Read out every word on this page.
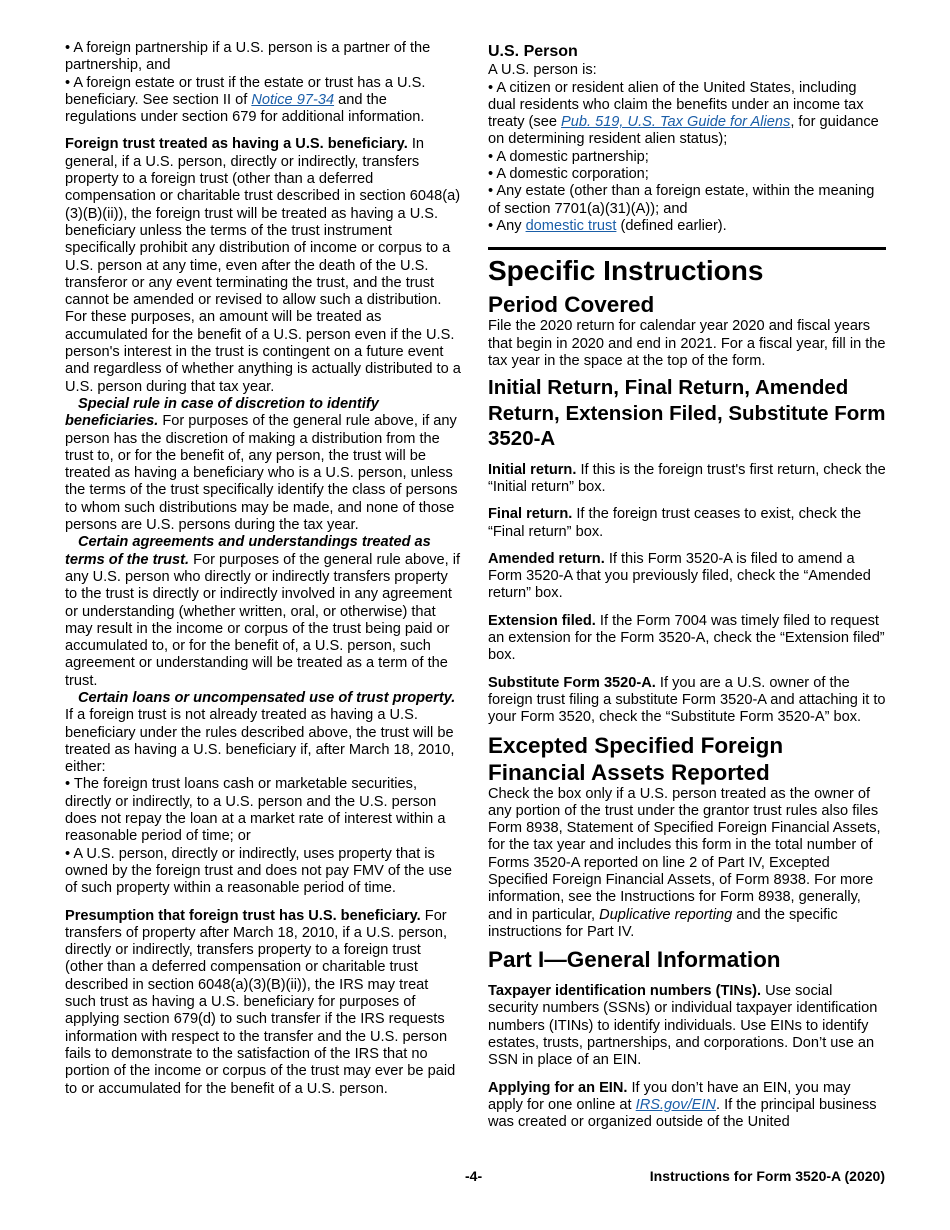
• A foreign partnership if a U.S. person is a partner of the partnership, and

• A foreign estate or trust if the estate or trust has a U.S. beneficiary. See section II of Notice 97-34 and the regulations under section 679 for additional information.

Foreign trust treated as having a U.S. beneficiary. In general, if a U.S. person, directly or indirectly, transfers property to a foreign trust (other than a deferred compensation or charitable trust described in section 6048(a)(3)(B)(ii)), the foreign trust will be treated as having a U.S. beneficiary unless the terms of the trust instrument specifically prohibit any distribution of income or corpus to a U.S. person at any time, even after the death of the U.S. transferor or any event terminating the trust, and the trust cannot be amended or revised to allow such a distribution. For these purposes, an amount will be treated as accumulated for the benefit of a U.S. person even if the U.S. person's interest in the trust is contingent on a future event and regardless of whether anything is actually distributed to a U.S. person during that tax year.

Special rule in case of discretion to identify beneficiaries. For purposes of the general rule above, if any person has the discretion of making a distribution from the trust to, or for the benefit of, any person, the trust will be treated as having a beneficiary who is a U.S. person, unless the terms of the trust specifically identify the class of persons to whom such distributions may be made, and none of those persons are U.S. persons during the tax year.

Certain agreements and understandings treated as terms of the trust. For purposes of the general rule above, if any U.S. person who directly or indirectly transfers property to the trust is directly or indirectly involved in any agreement or understanding (whether written, oral, or otherwise) that may result in the income or corpus of the trust being paid or accumulated to, or for the benefit of, a U.S. person, such agreement or understanding will be treated as a term of the trust.

Certain loans or uncompensated use of trust property. If a foreign trust is not already treated as having a U.S. beneficiary under the rules described above, the trust will be treated as having a U.S. beneficiary if, after March 18, 2010, either:

• The foreign trust loans cash or marketable securities, directly or indirectly, to a U.S. person and the U.S. person does not repay the loan at a market rate of interest within a reasonable period of time; or

• A U.S. person, directly or indirectly, uses property that is owned by the foreign trust and does not pay FMV of the use of such property within a reasonable period of time.

Presumption that foreign trust has U.S. beneficiary. For transfers of property after March 18, 2010, if a U.S. person, directly or indirectly, transfers property to a foreign trust (other than a deferred compensation or charitable trust described in section 6048(a)(3)(B)(ii)), the IRS may treat such trust as having a U.S. beneficiary for purposes of applying section 679(d) to such transfer if the IRS requests information with respect to the transfer and the U.S. person fails to demonstrate to the satisfaction of the IRS that no portion of the income or corpus of the trust may ever be paid to or accumulated for the benefit of a U.S. person.

U.S. Person

A U.S. person is:

• A citizen or resident alien of the United States, including dual residents who claim the benefits under an income tax treaty (see Pub. 519, U.S. Tax Guide for Aliens, for guidance on determining resident alien status);

• A domestic partnership;

• A domestic corporation;

• Any estate (other than a foreign estate, within the meaning of section 7701(a)(31)(A)); and

• Any domestic trust (defined earlier).

Specific Instructions
Period Covered

File the 2020 return for calendar year 2020 and fiscal years that begin in 2020 and end in 2021. For a fiscal year, fill in the tax year in the space at the top of the form.

Initial Return, Final Return, Amended Return, Extension Filed, Substitute Form 3520-A

Initial return. If this is the foreign trust's first return, check the “Initial return” box.

Final return. If the foreign trust ceases to exist, check the “Final return” box.

Amended return. If this Form 3520-A is filed to amend a Form 3520-A that you previously filed, check the “Amended return” box.

Extension filed. If the Form 7004 was timely filed to request an extension for the Form 3520-A, check the “Extension filed” box.

Substitute Form 3520-A. If you are a U.S. owner of the foreign trust filing a substitute Form 3520-A and attaching it to your Form 3520, check the “Substitute Form 3520-A” box.

Excepted Specified Foreign Financial Assets Reported

Check the box only if a U.S. person treated as the owner of any portion of the trust under the grantor trust rules also files Form 8938, Statement of Specified Foreign Financial Assets, for the tax year and includes this form in the total number of Forms 3520-A reported on line 2 of Part IV, Excepted Specified Foreign Financial Assets, of Form 8938. For more information, see the Instructions for Form 8938, generally, and in particular, Duplicative reporting and the specific instructions for Part IV.

Part I—General Information

Taxpayer identification numbers (TINs). Use social security numbers (SSNs) or individual taxpayer identification numbers (ITINs) to identify individuals. Use EINs to identify estates, trusts, partnerships, and corporations. Don’t use an SSN in place of an EIN.

Applying for an EIN. If you don’t have an EIN, you may apply for one online at IRS.gov/EIN. If the principal business was created or organized outside of the United

-4-	Instructions for Form 3520-A (2020)
